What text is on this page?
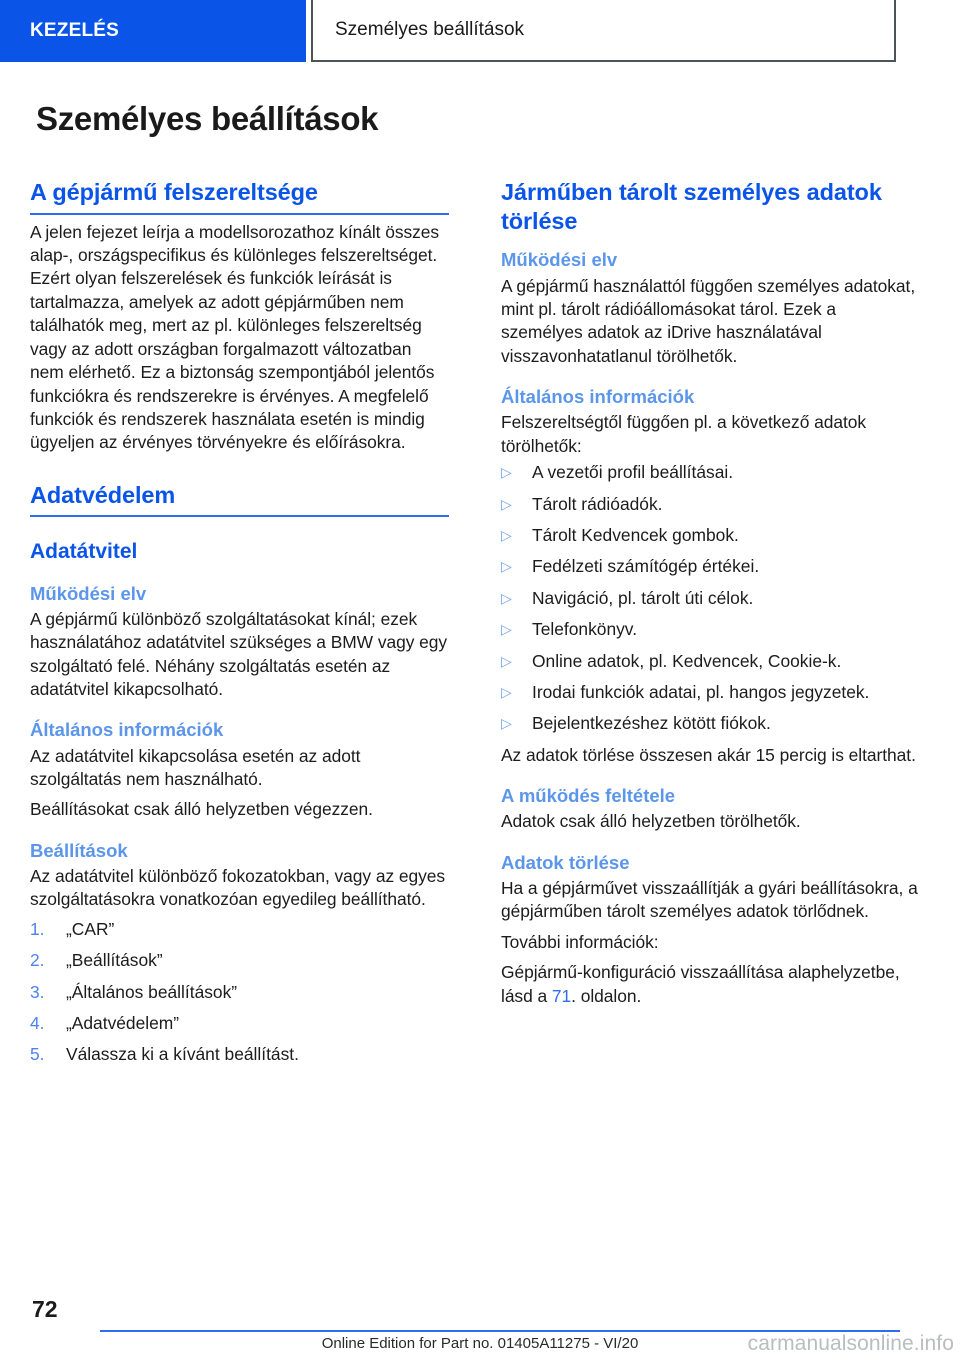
KEZELÉS	Személyes beállítások
Személyes beállítások
A gépjármű felszereltsége

A jelen fejezet leírja a modellsorozathoz kínált összes alap-, országspecifikus és különleges felszereltséget. Ezért olyan felszerelések és funkciók leírását is tartalmazza, amelyek az adott gépjárműben nem találhatók meg, mert az pl. különleges felszereltség vagy az adott országban forgalmazott változatban nem elérhető. Ez a biztonság szempontjából jelentős funkciókra és rendszerekre is érvényes. A megfelelő funkciók és rendszerek használata esetén is mindig ügyeljen az érvényes törvényekre és előírásokra.

Adatvédelem
Adatátvitel
Működési elv

A gépjármű különböző szolgáltatásokat kínál; ezek használatához adatátvitel szükséges a BMW vagy egy szolgáltató felé. Néhány szolgáltatás esetén az adatátvitel kikapcsolható.

Általános információk

Az adatátvitel kikapcsolása esetén az adott szolgáltatás nem használható.

Beállításokat csak álló helyzetben végezzen.

Beállítások

Az adatátvitel különböző fokozatokban, vagy az egyes szolgáltatásokra vonatkozóan egyedileg beállítható.

1.	„CAR”
2.	„Beállítások”
3.	„Általános beállítások”
4.	„Adatvédelem”
5.	Válassza ki a kívánt beállítást.
Járműben tárolt személyes adatok törlése
Működési elv

A gépjármű használattól függően személyes adatokat, mint pl. tárolt rádióállomásokat tárol. Ezek a személyes adatok az iDrive használatával visszavonhatatlanul törölhetők.

Általános információk

Felszereltségtől függően pl. a következő adatok törölhetők:

▷	A vezetői profil beállításai.
▷	Tárolt rádióadók.
▷	Tárolt Kedvencek gombok.
▷	Fedélzeti számítógép értékei.
▷	Navigáció, pl. tárolt úti célok.
▷	Telefonkönyv.
▷	Online adatok, pl. Kedvencek, Cookie-k.
▷	Irodai funkciók adatai, pl. hangos jegyzetek.
▷	Bejelentkezéshez kötött fiókok.

Az adatok törlése összesen akár 15 percig is eltarthat.

A működés feltétele

Adatok csak álló helyzetben törölhetők.

Adatok törlése

Ha a gépjárművet visszaállítják a gyári beállításokra, a gépjárműben tárolt személyes adatok törlődnek.

További információk:

Gépjármű-konfiguráció visszaállítása alaphelyzetbe, lásd a 71. oldalon.

72
Online Edition for Part no. 01405A11275 - VI/20	carmanualsonline.info
